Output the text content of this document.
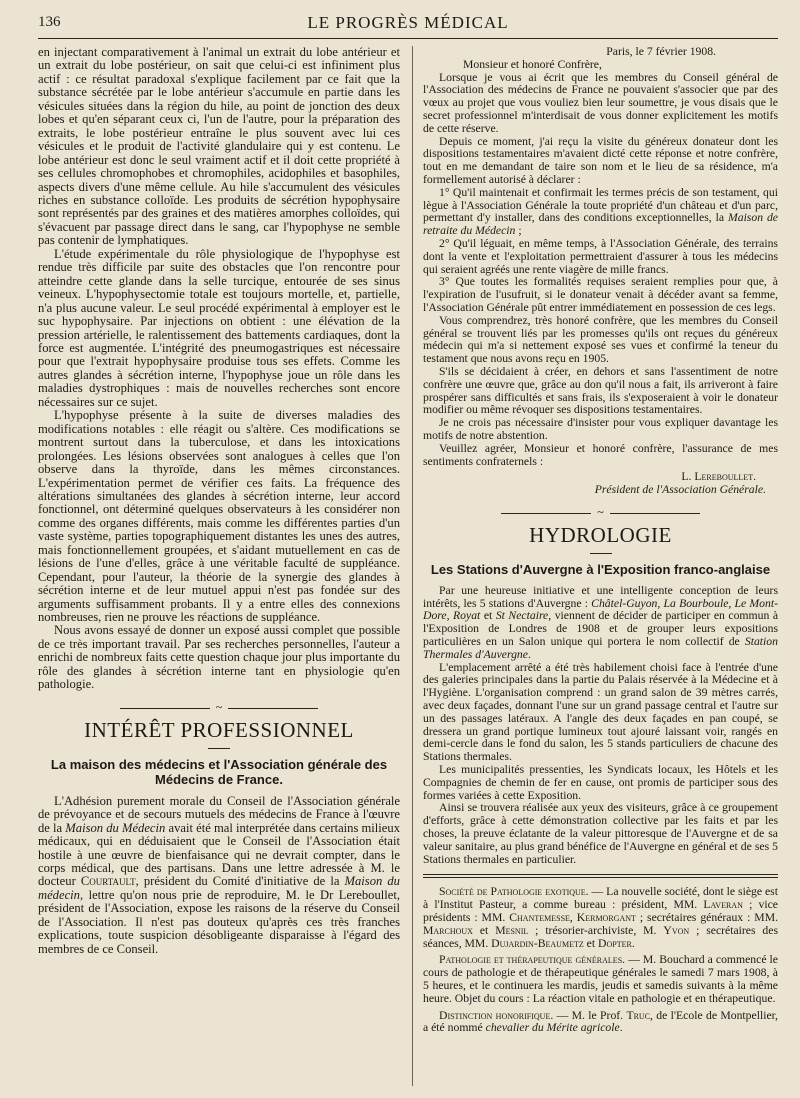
136	LE PROGRÈS MÉDICAL

en injectant comparativement à l'animal un extrait du lobe antérieur et un extrait du lobe postérieur, on sait que celui-ci est infiniment plus actif : ce résultat paradoxal s'explique facilement par ce fait que la substance sécrétée par le lobe antérieur s'accumule en partie dans les vésicules situées dans la région du hile, au point de jonction des deux lobes et qu'en séparant ceux ci, l'un de l'autre, pour la préparation des extraits, le lobe postérieur entraîne le plus souvent avec lui ces vésicules et le produit de l'activité glandulaire qui y est contenu. Le lobe antérieur est donc le seul vraiment actif et il doit cette propriété à ses cellules chromophobes et chromophiles, acidophiles et basophiles, aspects divers d'une même cellule. Au hile s'accumulent des vésicules riches en substance colloïde. Les produits de sécrétion hypophysaire sont représentés par des graines et des matières amorphes colloïdes, qui s'évacuent par passage direct dans le sang, car l'hypophyse ne semble pas contenir de lymphatiques.

L'étude expérimentale du rôle physiologique de l'hypophyse est rendue très difficile par suite des obstacles que l'on rencontre pour atteindre cette glande dans la selle turcique, entourée de ses sinus veineux. L'hypophysectomie totale est toujours mortelle, et, partielle, n'a plus aucune valeur. Le seul procédé expérimental à employer est le suc hypophysaire. Par injections on obtient : une élévation de la pression artérielle, le ralentissement des battements cardiaques, dont la force est augmentée. L'intégrité des pneumogastriques est nécessaire pour que l'extrait hypophysaire produise tous ses effets. Comme les autres glandes à sécrétion interne, l'hypophyse joue un rôle dans les maladies dystrophiques : mais de nouvelles recherches sont encore nécessaires sur ce sujet.

L'hypophyse présente à la suite de diverses maladies des modifications notables : elle réagit ou s'altère. Ces modifications se montrent surtout dans la tuberculose, et dans les intoxications prolongées. Les lésions observées sont analogues à celles que l'on observe dans la thyroïde, dans les mêmes circonstances. L'expérimentation permet de vérifier ces faits. La fréquence des altérations simultanées des glandes à sécrétion interne, leur accord fonctionnel, ont déterminé quelques observateurs à les considérer non comme des organes différents, mais comme les différentes parties d'un vaste système, parties topographiquement distantes les unes des autres, mais fonctionnellement groupées, et s'aidant mutuellement en cas de lésions de l'une d'elles, grâce à une véritable faculté de suppléance. Cependant, pour l'auteur, la théorie de la synergie des glandes à sécrétion interne et de leur mutuel appui n'est pas fondée sur des arguments suffisamment probants. Il y a entre elles des connexions nombreuses, rien ne prouve les réactions de suppléance.

Nous avons essayé de donner un exposé aussi complet que possible de ce très important travail. Par ses recherches personnelles, l'auteur a enrichi de nombreux faits cette question chaque jour plus importante du rôle des glandes à sécrétion interne tant en physiologie qu'en pathologie.

~
INTÉRÊT PROFESSIONNEL
La maison des médecins et l'Association générale des Médecins de France.

L'Adhésion purement morale du Conseil de l'Association générale de prévoyance et de secours mutuels des médecins de France à l'œuvre de la Maison du Médecin avait été mal interprétée dans certains milieux médicaux, qui en déduisaient que le Conseil de l'Association était hostile à une œuvre de bienfaisance qui ne devrait compter, dans le corps médical, que des partisans. Dans une lettre adressée à M. le docteur Courtault, président du Comité d'initiative de la Maison du médecin, lettre qu'on nous prie de reproduire, M. le Dr Lereboullet, président de l'Association, expose les raisons de la réserve du Conseil de l'Association. Il n'est pas douteux qu'après ces très franches explications, toute suspicion désobligeante disparaisse à l'égard des membres de ce Conseil.

Paris, le 7 février 1908.
Monsieur et honoré Confrère,

Lorsque je vous ai écrit que les membres du Conseil général de l'Association des médecins de France ne pouvaient s'associer que par des vœux au projet que vous vouliez bien leur soumettre, je vous disais que le secret professionnel m'interdisait de vous donner explicitement les motifs de cette réserve.

Depuis ce moment, j'ai reçu la visite du généreux donateur dont les dispositions testamentaires m'avaient dicté cette réponse et notre confrère, tout en me demandant de taire son nom et le lieu de sa résidence, m'a formellement autorisé à déclarer :

1° Qu'il maintenait et confirmait les termes précis de son testament, qui lègue à l'Association Générale la toute propriété d'un château et d'un parc, permettant d'y installer, dans des conditions exceptionnelles, la Maison de retraite du Médecin ;

2° Qu'il léguait, en même temps, à l'Association Générale, des terrains dont la vente et l'exploitation permettraient d'assurer à tous les médecins qui seraient agréés une rente viagère de mille francs.

3° Que toutes les formalités requises seraient remplies pour que, à l'expiration de l'usufruit, si le donateur venait à décéder avant sa femme, l'Association Générale pût entrer immédiatement en possession de ces legs.

Vous comprendrez, très honoré confrère, que les membres du Conseil général se trouvent liés par les promesses qu'ils ont reçues du généreux médecin qui m'a si nettement exposé ses vues et confirmé la teneur du testament que nous avons reçu en 1905.

S'ils se décidaient à créer, en dehors et sans l'assentiment de notre confrère une œuvre que, grâce au don qu'il nous a fait, ils arriveront à faire prospérer sans difficultés et sans frais, ils s'exposeraient à voir le donateur modifier ou même révoquer ses dispositions testamentaires.

Je ne crois pas nécessaire d'insister pour vous expliquer davantage les motifs de notre abstention.

Veuillez agréer, Monsieur et honoré confrère, l'assurance de mes sentiments confraternels :

L. Lereboullet.
Président de l'Association Générale.
~
HYDROLOGIE
Les Stations d'Auvergne à l'Exposition franco-anglaise

Par une heureuse initiative et une intelligente conception de leurs intérêts, les 5 stations d'Auvergne : Châtel-Guyon, La Bourboule, Le Mont-Dore, Royat et St Nectaire, viennent de décider de participer en commun à l'Exposition de Londres de 1908 et de grouper leurs expositions particulières en un Salon unique qui portera le nom collectif de Station Thermales d'Auvergne.

L'emplacement arrêté a été très habilement choisi face à l'entrée d'une des galeries principales dans la partie du Palais réservée à la Médecine et à l'Hygiène. L'organisation comprend : un grand salon de 39 mètres carrés, avec deux façades, donnant l'une sur un grand passage central et l'autre sur un des passages latéraux. A l'angle des deux façades en pan coupé, se dressera un grand portique lumineux tout ajouré laissant voir, rangés en demi-cercle dans le fond du salon, les 5 stands particuliers de chacune des Stations thermales.

Les municipalités pressenties, les Syndicats locaux, les Hôtels et les Compagnies de chemin de fer en cause, ont promis de participer sous des formes variées à cette Exposition.

Ainsi se trouvera réalisée aux yeux des visiteurs, grâce à ce groupement d'efforts, grâce à cette démonstration collective par les faits et par les choses, la preuve éclatante de la valeur pittoresque de l'Auvergne et de sa valeur sanitaire, au plus grand bénéfice de l'Auvergne en général et de ses 5 Stations thermales en particulier.

Société de Pathologie exotique. — La nouvelle société, dont le siège est à l'Institut Pasteur, a comme bureau : président, MM. Laveran ; vice présidents : MM. Chantemesse, Kermorgant ; secrétaires généraux : MM. Marchoux et Mesnil ; trésorier-archiviste, M. Yvon ; secrétaires des séances, MM. Dujardin-Beaumetz et Dopter.

Pathologie et thérapeutique générales. — M. Bouchard a commencé le cours de pathologie et de thérapeutique générales le samedi 7 mars 1908, à 5 heures, et le continuera les mardis, jeudis et samedis suivants à la même heure. Objet du cours : La réaction vitale en pathologie et en thérapeutique.

Distinction honorifique. — M. le Prof. Truc, de l'Ecole de Montpellier, a été nommé chevalier du Mérite agricole.
